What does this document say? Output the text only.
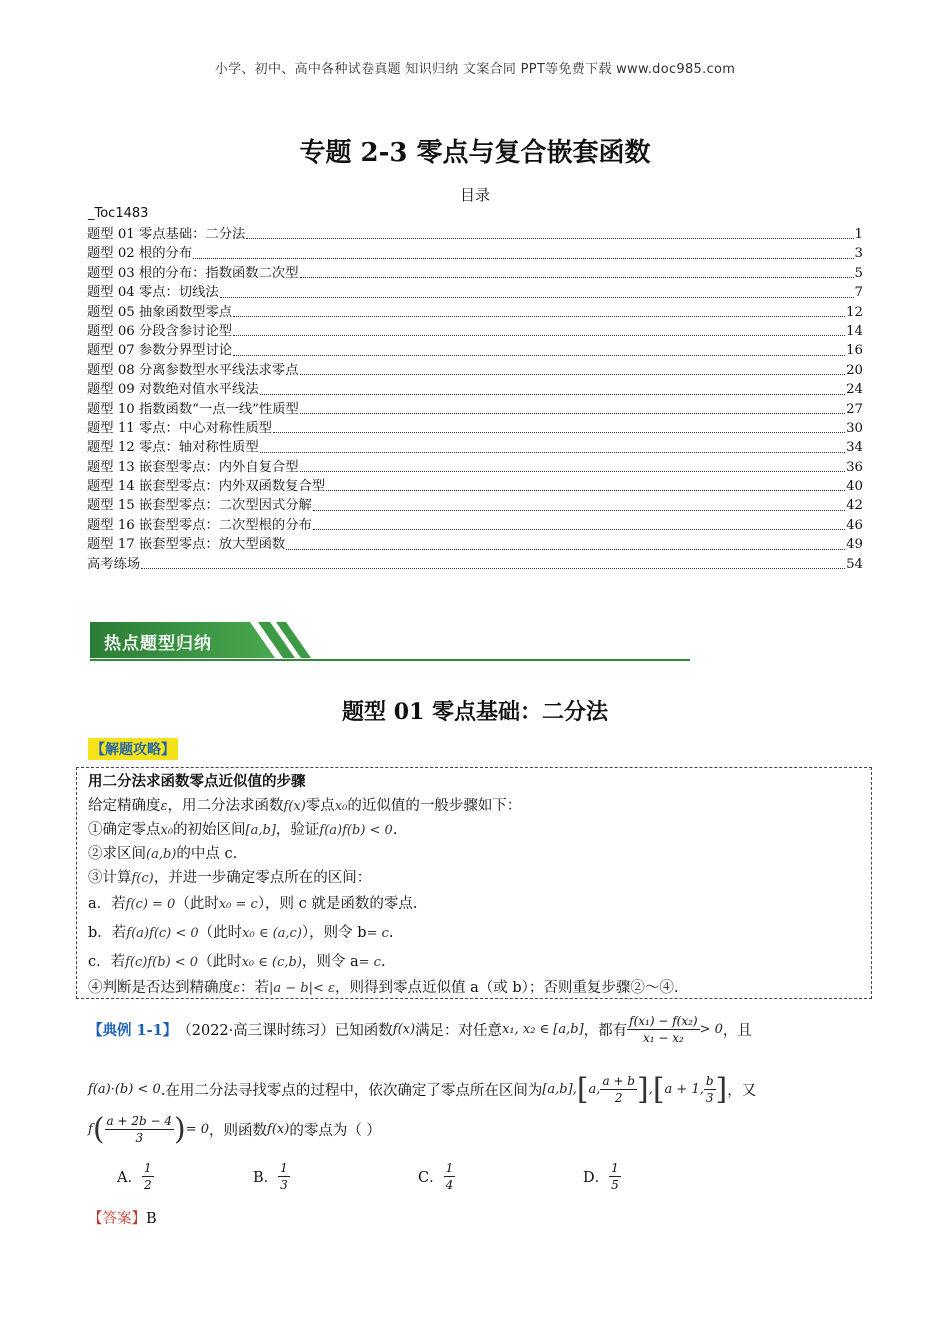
小学、初中、高中各种试卷真题 知识归纳 文案合同 PPT等免费下载 www.doc985.com
专题 2-3 零点与复合嵌套函数
目录
_Toc1483
题型 01 零点基础：二分法	1
题型 02 根的分布	3
题型 03 根的分布：指数函数二次型	5
题型 04 零点：切线法	7
题型 05 抽象函数型零点	12
题型 06 分段含参讨论型	14
题型 07 参数分界型讨论	16
题型 08 分离参数型水平线法求零点	20
题型 09 对数绝对值水平线法	24
题型 10 指数函数“一点一线”性质型	27
题型 11 零点：中心对称性质型	30
题型 12 零点：轴对称性质型	34
题型 13 嵌套型零点：内外自复合型	36
题型 14 嵌套型零点：内外双函数复合型	40
题型 15 嵌套型零点：二次型因式分解	42
题型 16 嵌套型零点：二次型根的分布	46
题型 17 嵌套型零点：放大型函数	49
高考练场	54
热点题型归纳
题型 01 零点基础：二分法
【解题攻略】
用二分法求函数零点近似值的步骤
给定精确度ε，用二分法求函数f(x)零点x₀的近似值的一般步骤如下：
①确定零点x₀的初始区间[a,b]，验证f(a)f(b) < 0.
②求区间(a,b)的中点 c.
③计算f(c)，并进一步确定零点所在的区间：
a．若f(c) = 0（此时x₀ = c），则 c 就是函数的零点.
b．若f(a)f(c) < 0（此时x₀ ∈ (a,c)），则令 b= c.
c．若f(c)f(b) < 0（此时x₀ ∈ (c,b)，则令 a= c.
④判断是否达到精确度ε：若|a − b|< ε，则得到零点近似值 a（或 b）；否则重复步骤②～④.
【典例 1-1】 （2022·高三课时练习）已知函数 f(x) 满足：对任意 x₁, x₂ ∈ [a,b] ，都有 $\frac{\text{f(x₁) − f(x₂)}}{\text{x₁ − x₂}} > 0$ ，且
f(a)·(b) < 0 .在用二分法寻找零点的过程中，依次确定了零点所在区间为 [a,b], [ a, $\frac{a + b}{2}$ ] , [ a + 1, $\frac{b}{3}$ ] ，又
f ( $\frac{a + 2b - 4}{3}$ ) = 0 ，则函数 f(x) 的零点为（ ）
A． $\frac{1}{2}$	B． $\frac{1}{3}$	C． $\frac{1}{4}$	D． $\frac{1}{5}$
【答案】B
